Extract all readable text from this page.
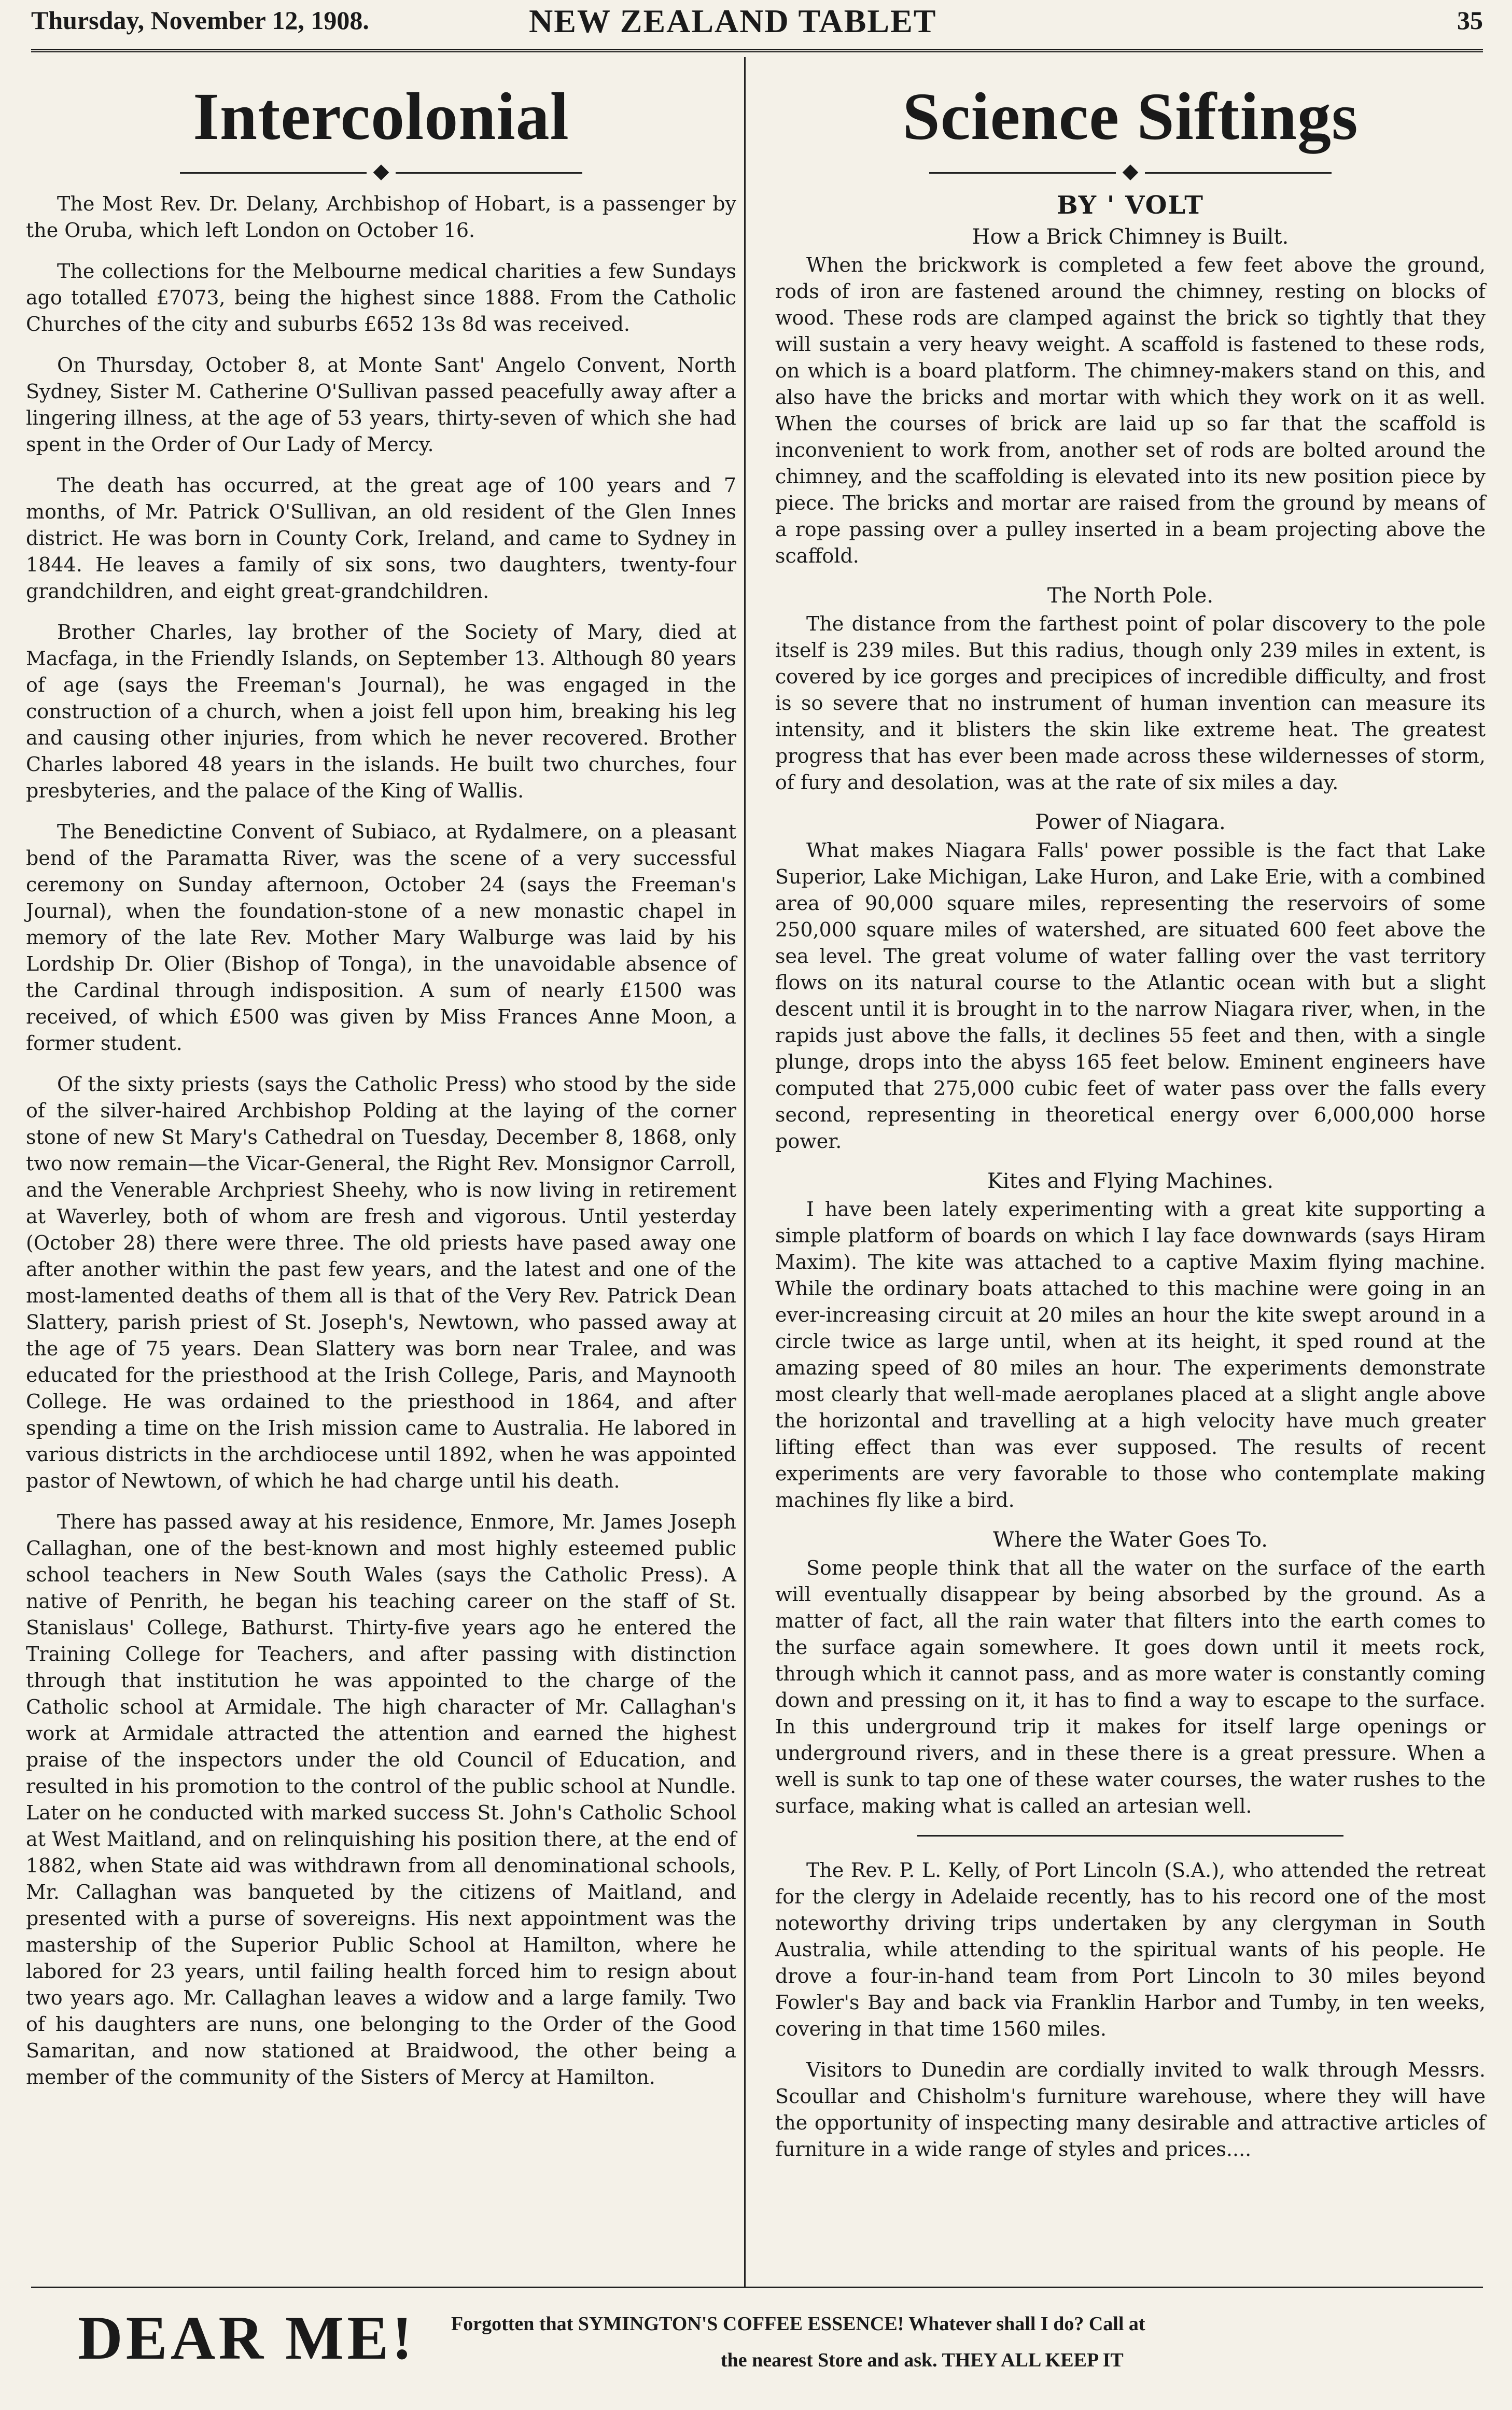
Thursday, November 12, 1908.	NEW ZEALAND TABLET	35
Intercolonial
◆

The Most Rev. Dr. Delany, Archbishop of Hobart, is a passenger by the Oruba, which left London on October 16.

The collections for the Melbourne medical charities a few Sundays ago totalled £7073, being the highest since 1888. From the Catholic Churches of the city and suburbs £652 13s 8d was received.

On Thursday, October 8, at Monte Sant' Angelo Convent, North Sydney, Sister M. Catherine O'Sullivan passed peacefully away after a lingering illness, at the age of 53 years, thirty-seven of which she had spent in the Order of Our Lady of Mercy.

The death has occurred, at the great age of 100 years and 7 months, of Mr. Patrick O'Sullivan, an old resident of the Glen Innes district. He was born in County Cork, Ireland, and came to Sydney in 1844. He leaves a family of six sons, two daughters, twenty-four grandchildren, and eight great-grandchildren.

Brother Charles, lay brother of the Society of Mary, died at Macfaga, in the Friendly Islands, on September 13. Although 80 years of age (says the Freeman's Journal), he was engaged in the construction of a church, when a joist fell upon him, breaking his leg and causing other injuries, from which he never recovered. Brother Charles labored 48 years in the islands. He built two churches, four presbyteries, and the palace of the King of Wallis.

The Benedictine Convent of Subiaco, at Rydalmere, on a pleasant bend of the Paramatta River, was the scene of a very successful ceremony on Sunday afternoon, October 24 (says the Freeman's Journal), when the foundation-stone of a new monastic chapel in memory of the late Rev. Mother Mary Walburge was laid by his Lordship Dr. Olier (Bishop of Tonga), in the unavoidable absence of the Cardinal through indisposition. A sum of nearly £1500 was received, of which £500 was given by Miss Frances Anne Moon, a former student.

Of the sixty priests (says the Catholic Press) who stood by the side of the silver-haired Archbishop Polding at the laying of the corner stone of new St Mary's Cathedral on Tuesday, December 8, 1868, only two now remain—the Vicar-General, the Right Rev. Monsignor Carroll, and the Venerable Archpriest Sheehy, who is now living in retirement at Waverley, both of whom are fresh and vigorous. Until yesterday (October 28) there were three. The old priests have pased away one after another within the past few years, and the latest and one of the most-lamented deaths of them all is that of the Very Rev. Patrick Dean Slattery, parish priest of St. Joseph's, Newtown, who passed away at the age of 75 years. Dean Slattery was born near Tralee, and was educated for the priesthood at the Irish College, Paris, and Maynooth College. He was ordained to the priesthood in 1864, and after spending a time on the Irish mission came to Australia. He labored in various districts in the archdiocese until 1892, when he was appointed pastor of Newtown, of which he had charge until his death.

There has passed away at his residence, Enmore, Mr. James Joseph Callaghan, one of the best-known and most highly esteemed public school teachers in New South Wales (says the Catholic Press). A native of Penrith, he began his teaching career on the staff of St. Stanislaus' College, Bathurst. Thirty-five years ago he entered the Training College for Teachers, and after passing with distinction through that institution he was appointed to the charge of the Catholic school at Armidale. The high character of Mr. Callaghan's work at Armidale attracted the attention and earned the highest praise of the inspectors under the old Council of Education, and resulted in his promotion to the control of the public school at Nundle. Later on he conducted with marked success St. John's Catholic School at West Maitland, and on relinquishing his position there, at the end of 1882, when State aid was withdrawn from all denominational schools, Mr. Callaghan was banqueted by the citizens of Maitland, and presented with a purse of sovereigns. His next appointment was the mastership of the Superior Public School at Hamilton, where he labored for 23 years, until failing health forced him to resign about two years ago. Mr. Callaghan leaves a widow and a large family. Two of his daughters are nuns, one belonging to the Order of the Good Samaritan, and now stationed at Braidwood, the other being a member of the community of the Sisters of Mercy at Hamilton.

Science Siftings
◆
BY ' VOLT
How a Brick Chimney is Built.

When the brickwork is completed a few feet above the ground, rods of iron are fastened around the chimney, resting on blocks of wood. These rods are clamped against the brick so tightly that they will sustain a very heavy weight. A scaffold is fastened to these rods, on which is a board platform. The chimney-makers stand on this, and also have the bricks and mortar with which they work on it as well. When the courses of brick are laid up so far that the scaffold is inconvenient to work from, another set of rods are bolted around the chimney, and the scaffolding is elevated into its new position piece by piece. The bricks and mortar are raised from the ground by means of a rope passing over a pulley inserted in a beam projecting above the scaffold.

The North Pole.

The distance from the farthest point of polar discovery to the pole itself is 239 miles. But this radius, though only 239 miles in extent, is covered by ice gorges and precipices of incredible difficulty, and frost is so severe that no instrument of human invention can measure its intensity, and it blisters the skin like extreme heat. The greatest progress that has ever been made across these wildernesses of storm, of fury and desolation, was at the rate of six miles a day.

Power of Niagara.

What makes Niagara Falls' power possible is the fact that Lake Superior, Lake Michigan, Lake Huron, and Lake Erie, with a combined area of 90,000 square miles, representing the reservoirs of some 250,000 square miles of watershed, are situated 600 feet above the sea level. The great volume of water falling over the vast territory flows on its natural course to the Atlantic ocean with but a slight descent until it is brought in to the narrow Niagara river, when, in the rapids just above the falls, it declines 55 feet and then, with a single plunge, drops into the abyss 165 feet below. Eminent engineers have computed that 275,000 cubic feet of water pass over the falls every second, representing in theoretical energy over 6,000,000 horse power.

Kites and Flying Machines.

I have been lately experimenting with a great kite supporting a simple platform of boards on which I lay face downwards (says Hiram Maxim). The kite was attached to a captive Maxim flying machine. While the ordinary boats attached to this machine were going in an ever-increasing circuit at 20 miles an hour the kite swept around in a circle twice as large until, when at its height, it sped round at the amazing speed of 80 miles an hour. The experiments demonstrate most clearly that well-made aeroplanes placed at a slight angle above the horizontal and travelling at a high velocity have much greater lifting effect than was ever supposed. The results of recent experiments are very favorable to those who contemplate making machines fly like a bird.

Where the Water Goes To.

Some people think that all the water on the surface of the earth will eventually disappear by being absorbed by the ground. As a matter of fact, all the rain water that filters into the earth comes to the surface again somewhere. It goes down until it meets rock, through which it cannot pass, and as more water is constantly coming down and pressing on it, it has to find a way to escape to the surface. In this underground trip it makes for itself large openings or underground rivers, and in these there is a great pressure. When a well is sunk to tap one of these water courses, the water rushes to the surface, making what is called an artesian well.

The Rev. P. L. Kelly, of Port Lincoln (S.A.), who attended the retreat for the clergy in Adelaide recently, has to his record one of the most noteworthy driving trips undertaken by any clergyman in South Australia, while attending to the spiritual wants of his people. He drove a four-in-hand team from Port Lincoln to 30 miles beyond Fowler's Bay and back via Franklin Harbor and Tumby, in ten weeks, covering in that time 1560 miles.

Visitors to Dunedin are cordially invited to walk through Messrs. Scoullar and Chisholm's furniture warehouse, where they will have the opportunity of inspecting many desirable and attractive articles of furniture in a wide range of styles and prices....

DEAR ME! Forgotten that SYMINGTON'S COFFEE ESSENCE! Whatever shall I do? Call at
the nearest Store and ask. THEY ALL KEEP IT
